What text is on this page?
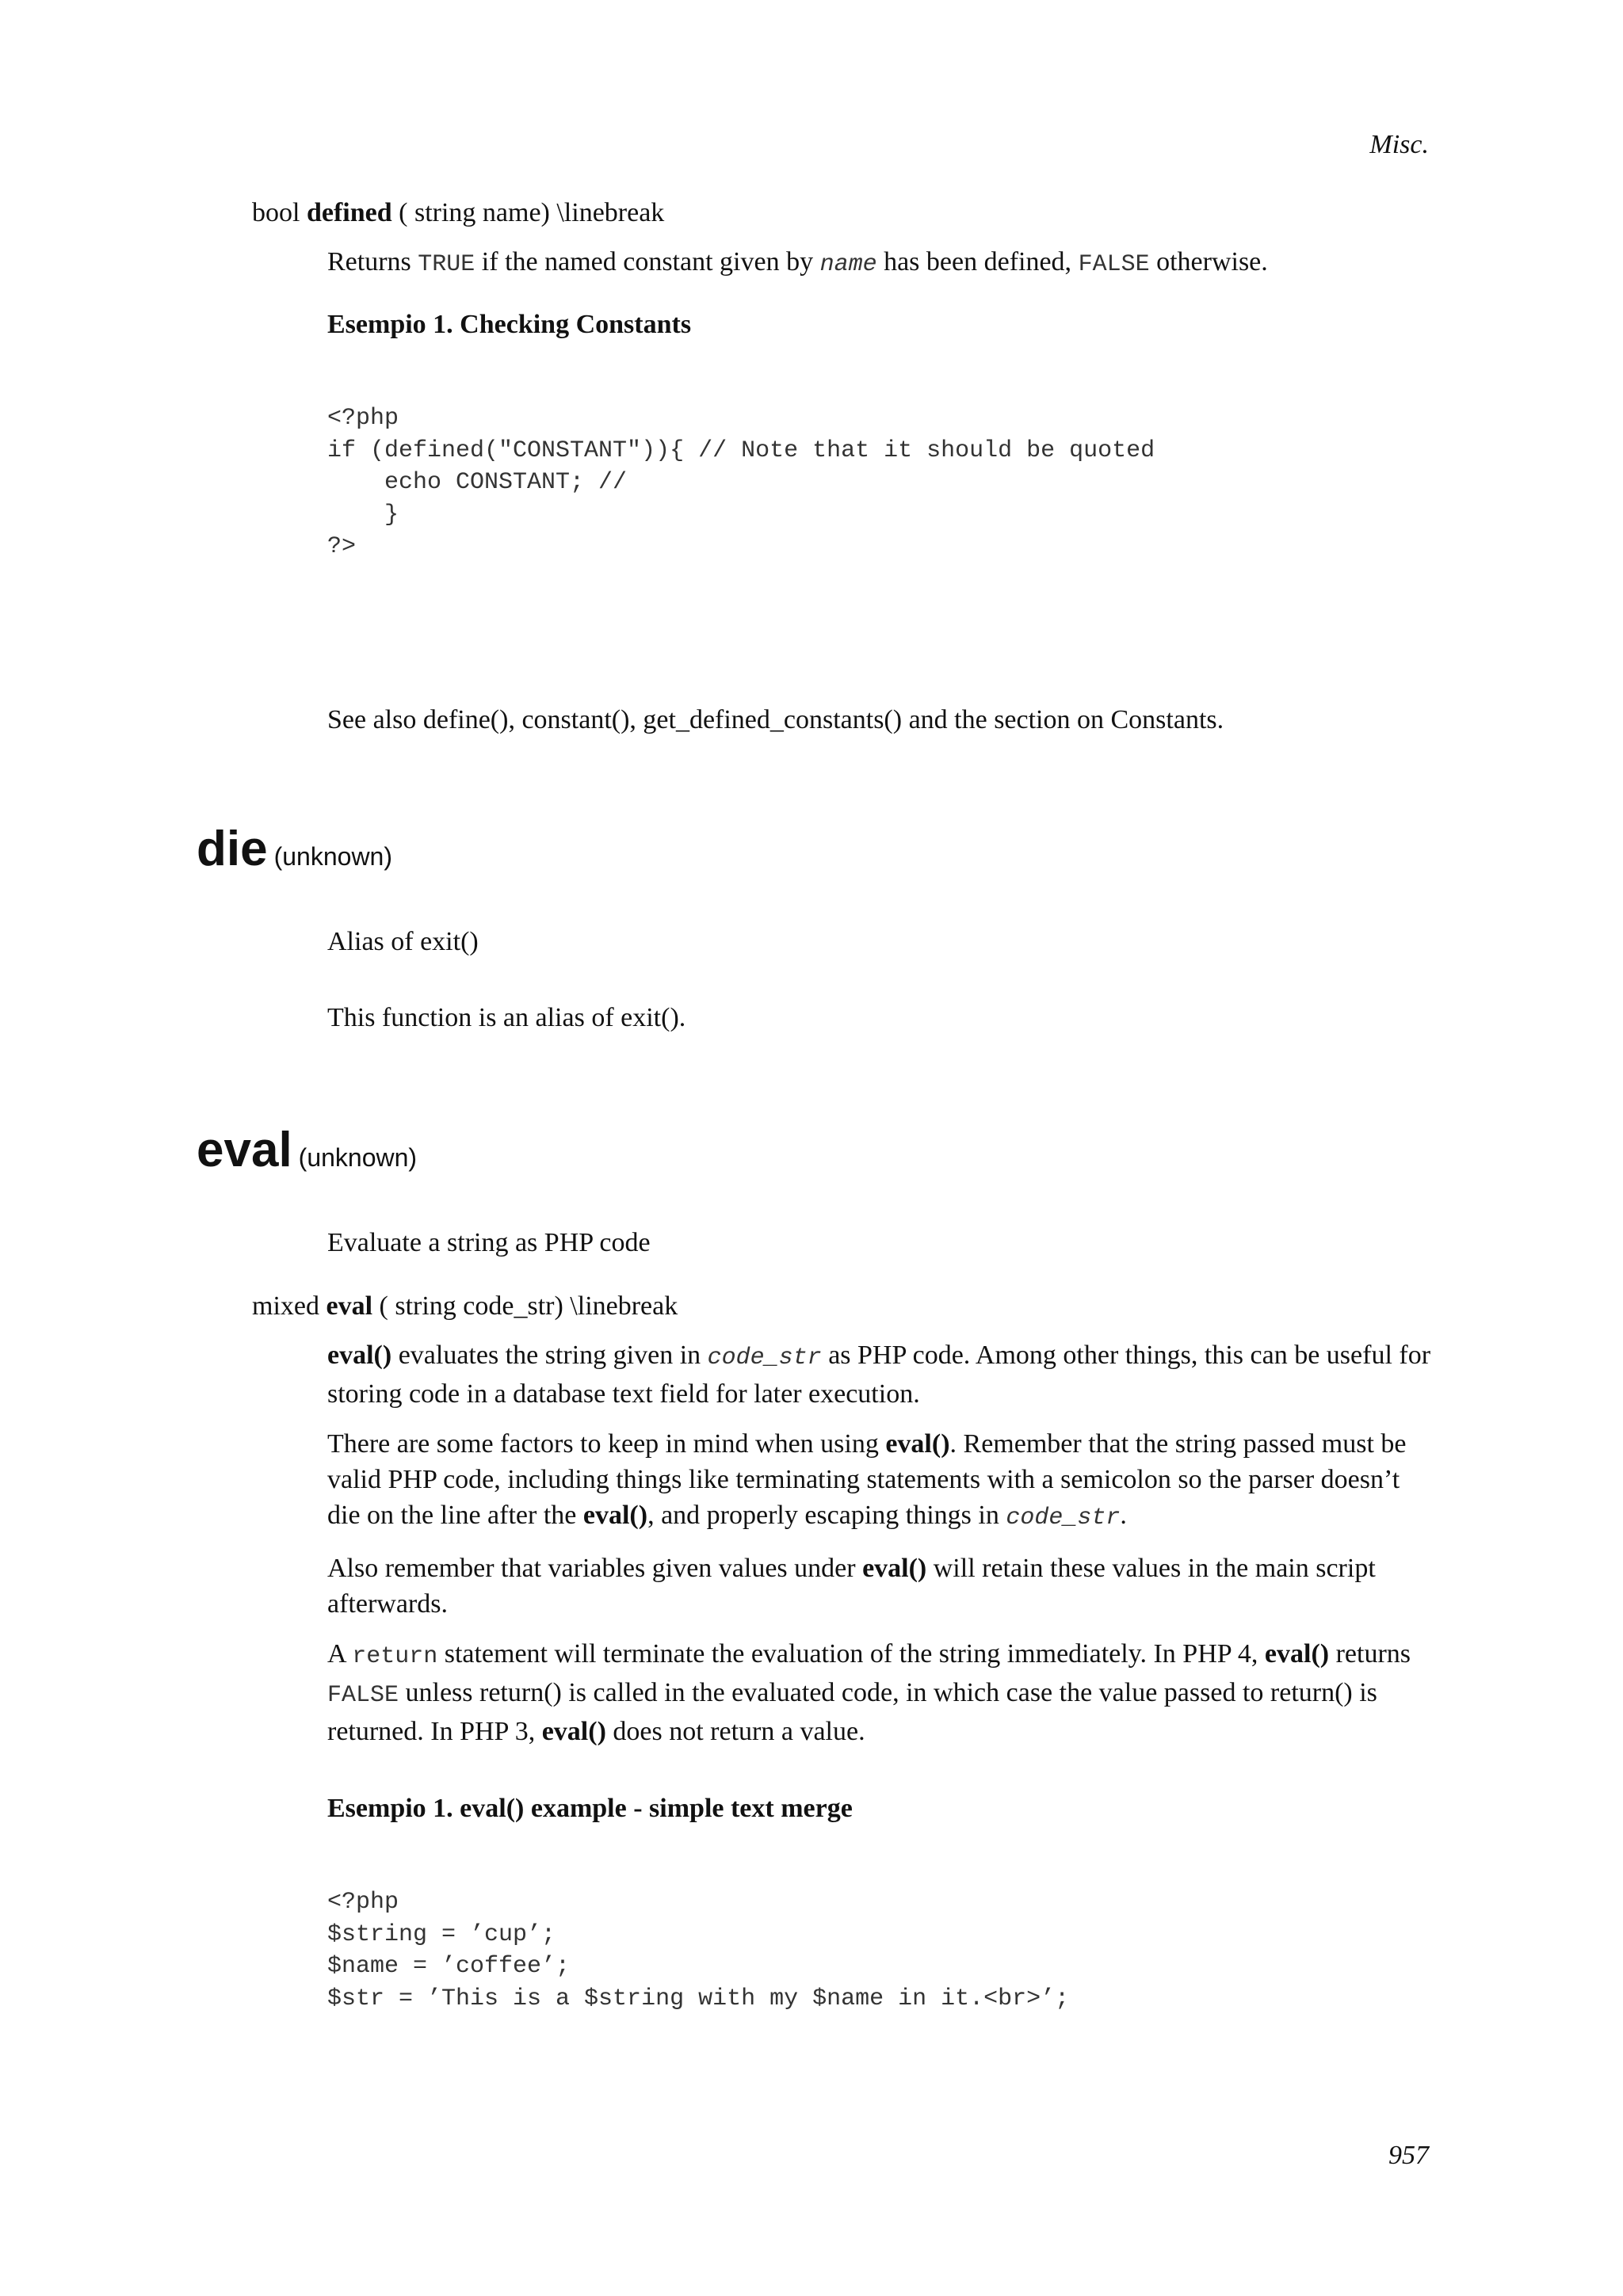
Misc.
bool defined ( string name) \linebreak
Returns TRUE if the named constant given by name has been defined, FALSE otherwise.
Esempio 1. Checking Constants
<?php
if (defined("CONSTANT")){ // Note that it should be quoted
echo CONSTANT; //
}
?>
See also define(), constant(), get_defined_constants() and the section on Constants.
die (unknown)
Alias of exit()
This function is an alias of exit().
eval (unknown)
Evaluate a string as PHP code
mixed eval ( string code_str) \linebreak

eval() evaluates the string given in code_str as PHP code. Among other things, this can be useful for storing code in a database text field for later execution.

There are some factors to keep in mind when using eval(). Remember that the string passed must be valid PHP code, including things like terminating statements with a semicolon so the parser doesn’t die on the line after the eval(), and properly escaping things in code_str.

Also remember that variables given values under eval() will retain these values in the main script afterwards.

A return statement will terminate the evaluation of the string immediately. In PHP 4, eval() returns FALSE unless return() is called in the evaluated code, in which case the value passed to return() is returned. In PHP 3, eval() does not return a value.

Esempio 1. eval() example - simple text merge
<?php
$string = ’cup’;
$name = ’coffee’;
$str = ’This is a $string with my $name in it.<br>’;
957
